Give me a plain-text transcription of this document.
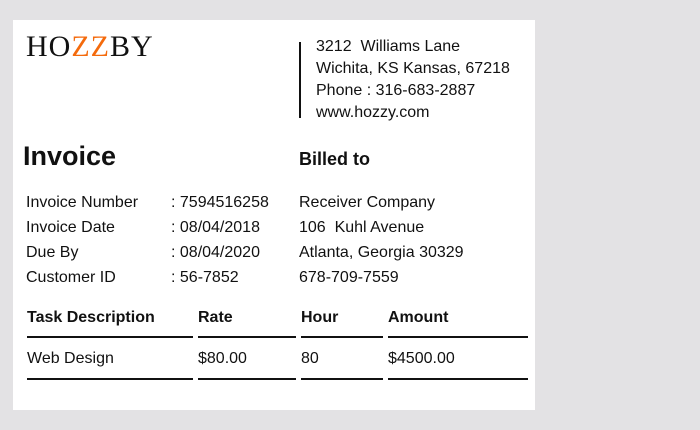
HOZZBY	3212  Williams Lane
Wichita, KS Kansas, 67218
Phone : 316-683-2887
www.hozzy.com
Invoice	Billed to
Invoice Number	: 7594516258
Invoice Date	: 08/04/2018
Due By	: 08/04/2020
Customer ID	: 56-7852
Receiver Company
106  Kuhl Avenue
Atlanta, Georgia 30329
678-709-7559
Task Description	Rate	Hour	Amount
Web Design	$80.00	80	$4500.00
